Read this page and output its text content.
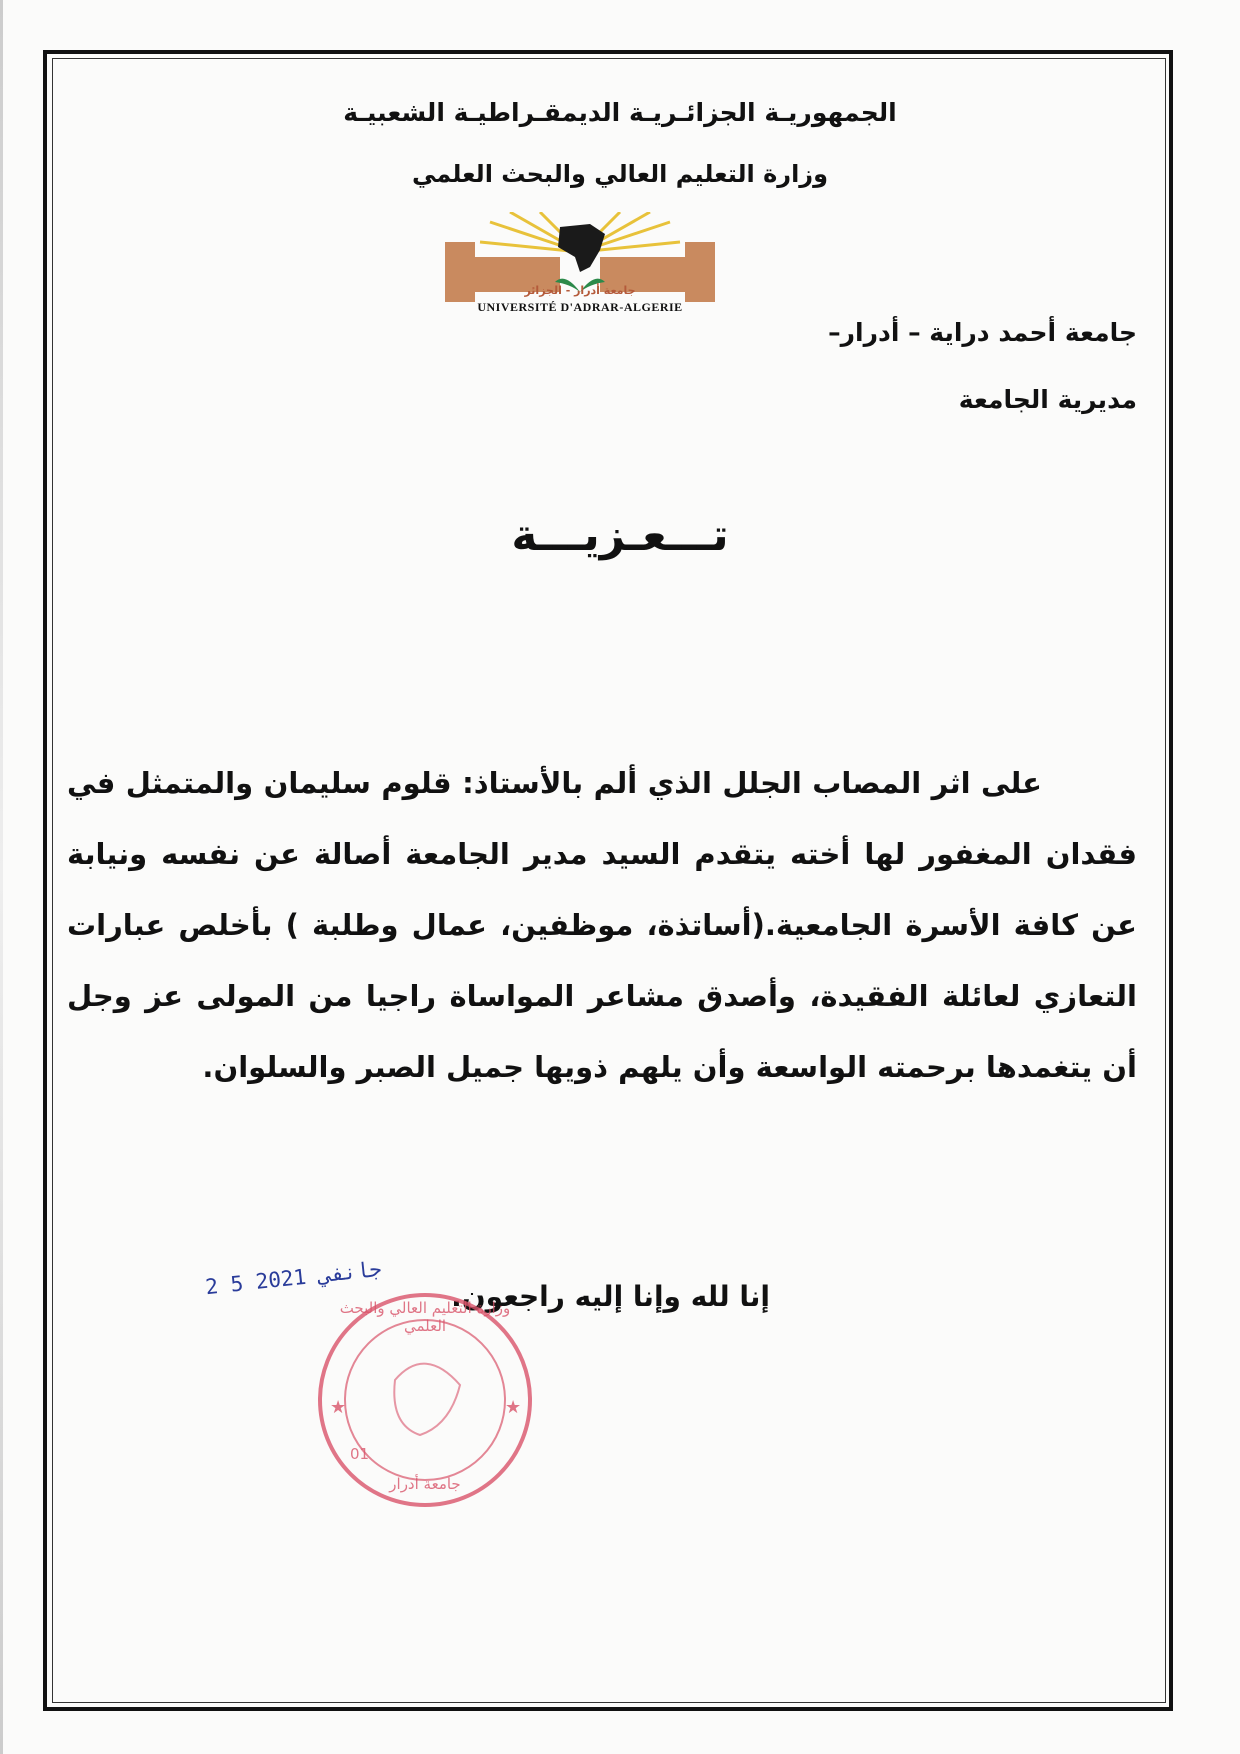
الجمهوريـة الجزائـريـة الديمقـراطيـة الشعبيـة
وزارة التعليم العالي والبحث العلمي
جامعة أدرار - الجزائر
UNIVERSITÉ D'ADRAR-ALGERIE
جامعة أحمد دراية – أدرار–
مديرية الجامعة
تـــعـزيـــة
على اثر المصاب الجلل الذي ألم بالأستاذ: قلوم سليمان والمتمثل في فقدان المغفور لها أخته يتقدم السيد مدير الجامعة أصالة عن نفسه ونيابة عن كافة الأسرة الجامعية.(أساتذة، موظفين، عمال وطلبة ) بأخلص عبارات التعازي لعائلة الفقيدة، وأصدق مشاعر المواساة راجيا من المولى عز وجل أن يتغمدها برحمته الواسعة وأن يلهم ذويها جميل الصبر والسلوان.
إنا لله وإنا إليه راجعون.
2 5 جانفي 2021
★	★
وزارة التعليم العالي والبحث العلمي
01
جامعة أدرار
